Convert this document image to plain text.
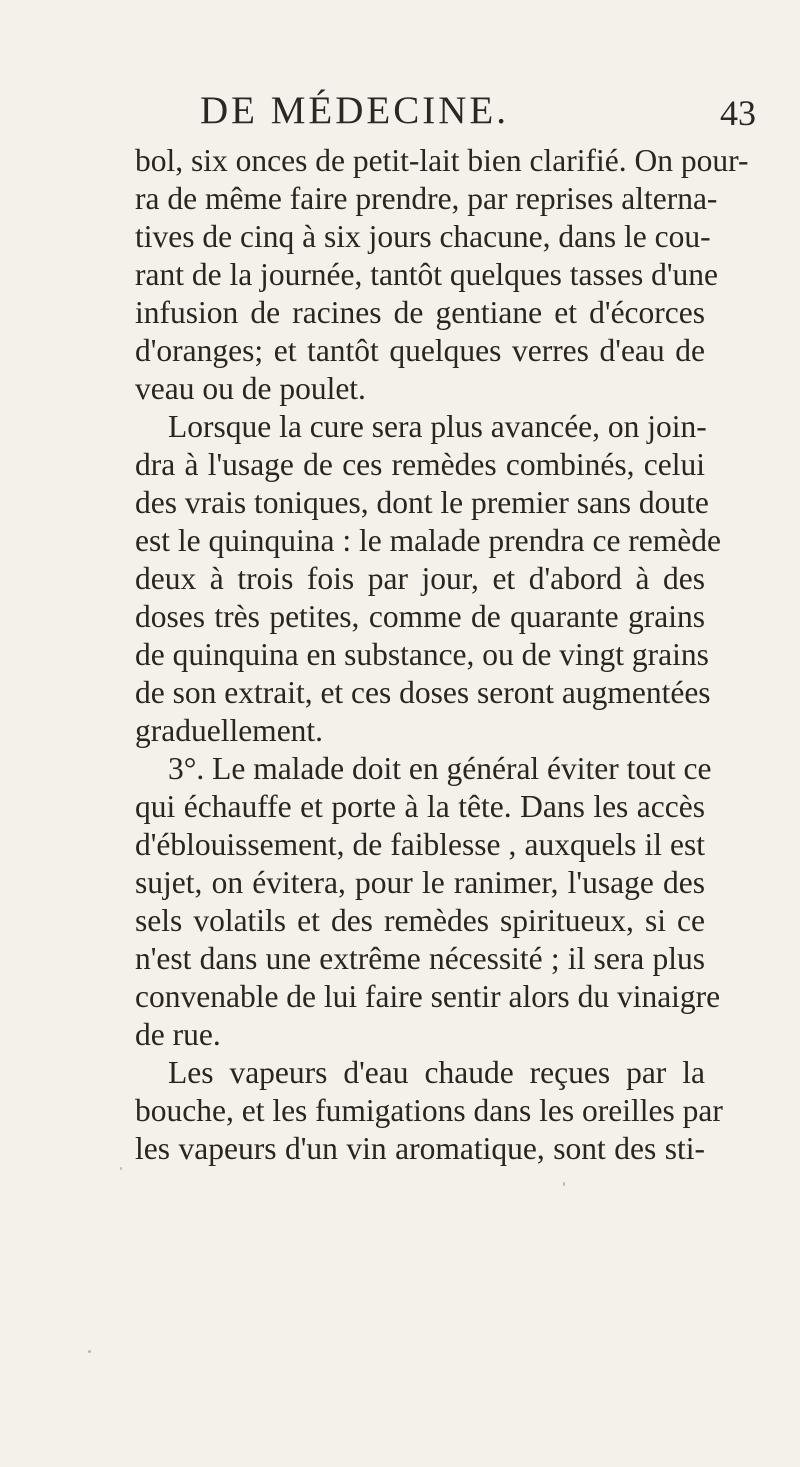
DE MÉDECINE.	43
bol, six onces de petit-lait bien clarifié. On pour-
ra de même faire prendre, par reprises alterna-
tives de cinq à six jours chacune, dans le cou-
rant de la journée, tantôt quelques tasses d'une
infusion de racines de gentiane et d'écorces
d'oranges; et tantôt quelques verres d'eau de
veau ou de poulet.
Lorsque la cure sera plus avancée, on join-
dra à l'usage de ces remèdes combinés, celui
des vrais toniques, dont le premier sans doute
est le quinquina : le malade prendra ce remède
deux à trois fois par jour, et d'abord à des
doses très petites, comme de quarante grains
de quinquina en substance, ou de vingt grains
de son extrait, et ces doses seront augmentées
graduellement.
3°. Le malade doit en général éviter tout ce
qui échauffe et porte à la tête. Dans les accès
d'éblouissement, de faiblesse , auxquels il est
sujet, on évitera, pour le ranimer, l'usage des
sels volatils et des remèdes spiritueux, si ce
n'est dans une extrême nécessité ; il sera plus
convenable de lui faire sentir alors du vinaigre
de rue.
Les vapeurs d'eau chaude reçues par la
bouche, et les fumigations dans les oreilles par
les vapeurs d'un vin aromatique, sont des sti-
